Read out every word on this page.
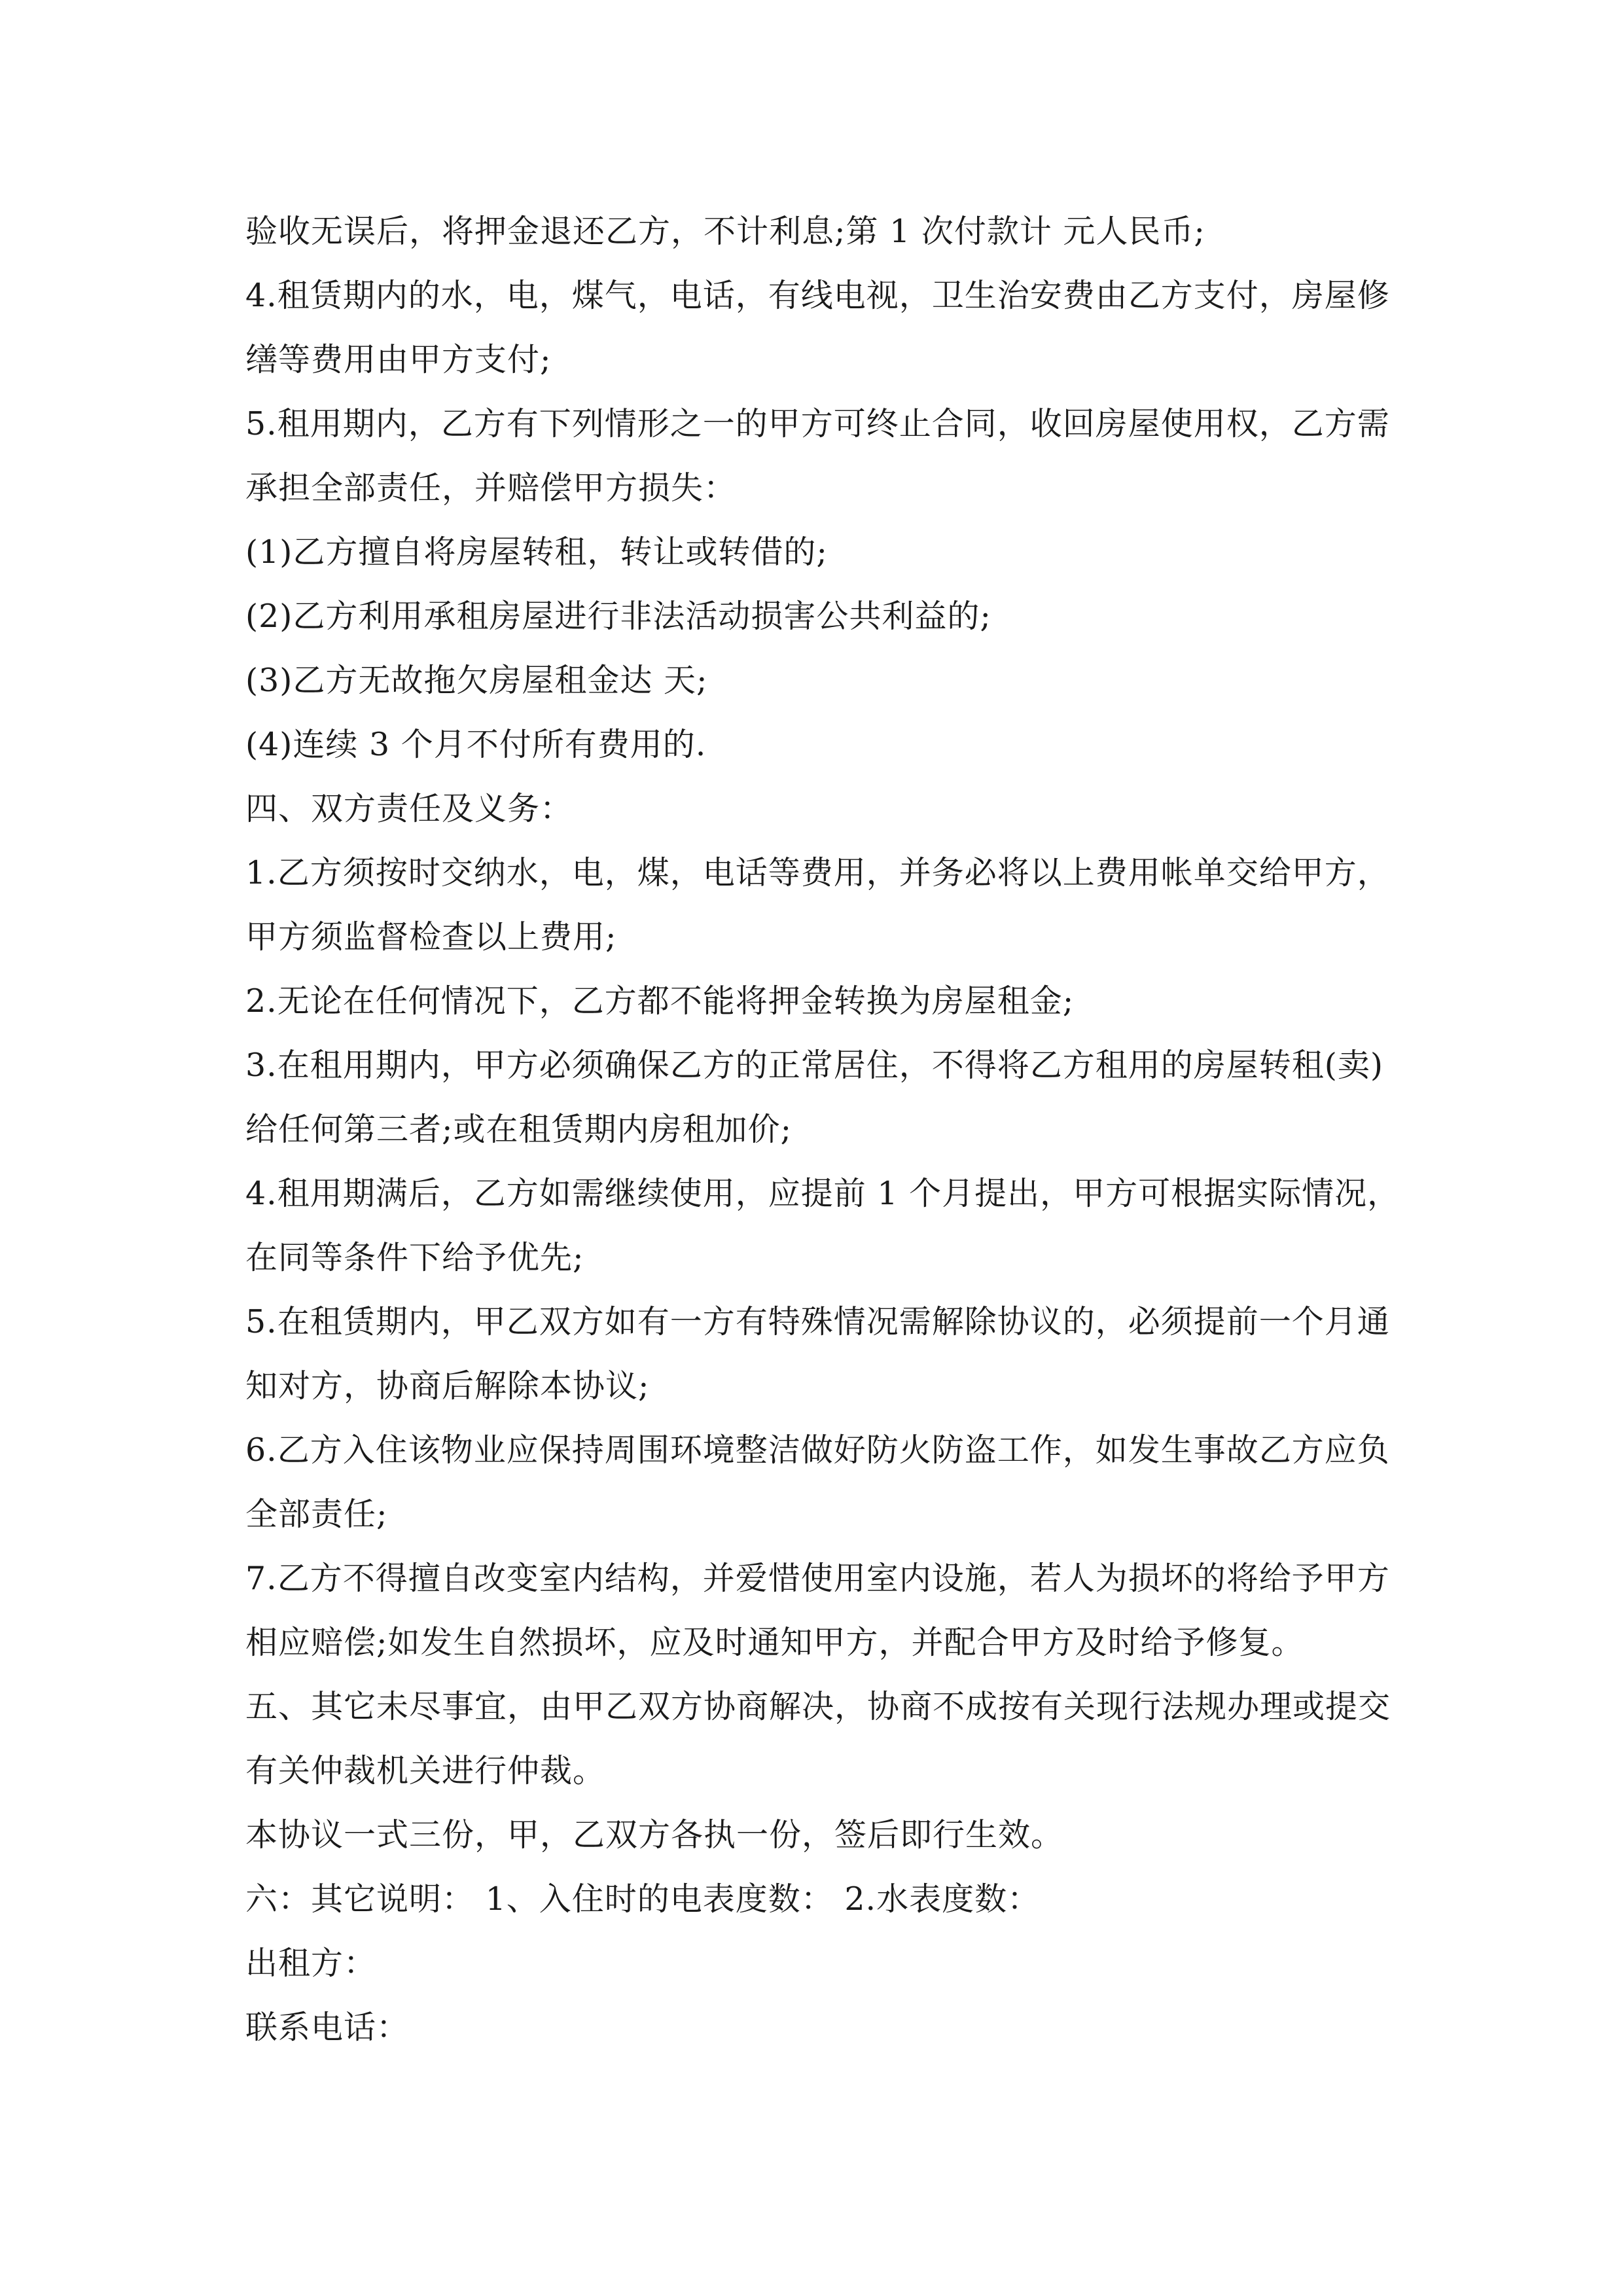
验收无误后，将押金退还乙方，不计利息;第 1 次付款计 元人民币;
4.租赁期内的水，电，煤气，电话，有线电视，卫生治安费由乙方支付，房屋修
缮等费用由甲方支付;
5.租用期内，乙方有下列情形之一的甲方可终止合同，收回房屋使用权，乙方需
承担全部责任，并赔偿甲方损失：
(1)乙方擅自将房屋转租，转让或转借的;
(2)乙方利用承租房屋进行非法活动损害公共利益的;
(3)乙方无故拖欠房屋租金达 天;
(4)连续 3 个月不付所有费用的.
四、双方责任及义务：
1.乙方须按时交纳水，电，煤，电话等费用，并务必将以上费用帐单交给甲方，
甲方须监督检查以上费用;
2.无论在任何情况下，乙方都不能将押金转换为房屋租金;
3.在租用期内，甲方必须确保乙方的正常居住，不得将乙方租用的房屋转租(卖)
给任何第三者;或在租赁期内房租加价;
4.租用期满后，乙方如需继续使用，应提前 1 个月提出，甲方可根据实际情况，
在同等条件下给予优先;
5.在租赁期内，甲乙双方如有一方有特殊情况需解除协议的，必须提前一个月通
知对方，协商后解除本协议;
6.乙方入住该物业应保持周围环境整洁做好防火防盗工作，如发生事故乙方应负
全部责任;
7.乙方不得擅自改变室内结构，并爱惜使用室内设施，若人为损坏的将给予甲方
相应赔偿;如发生自然损坏，应及时通知甲方，并配合甲方及时给予修复。
五、其它未尽事宜，由甲乙双方协商解决，协商不成按有关现行法规办理或提交
有关仲裁机关进行仲裁。
本协议一式三份，甲，乙双方各执一份，签后即行生效。
六：其它说明： 1、入住时的电表度数： 2.水表度数：
出租方：
联系电话：
